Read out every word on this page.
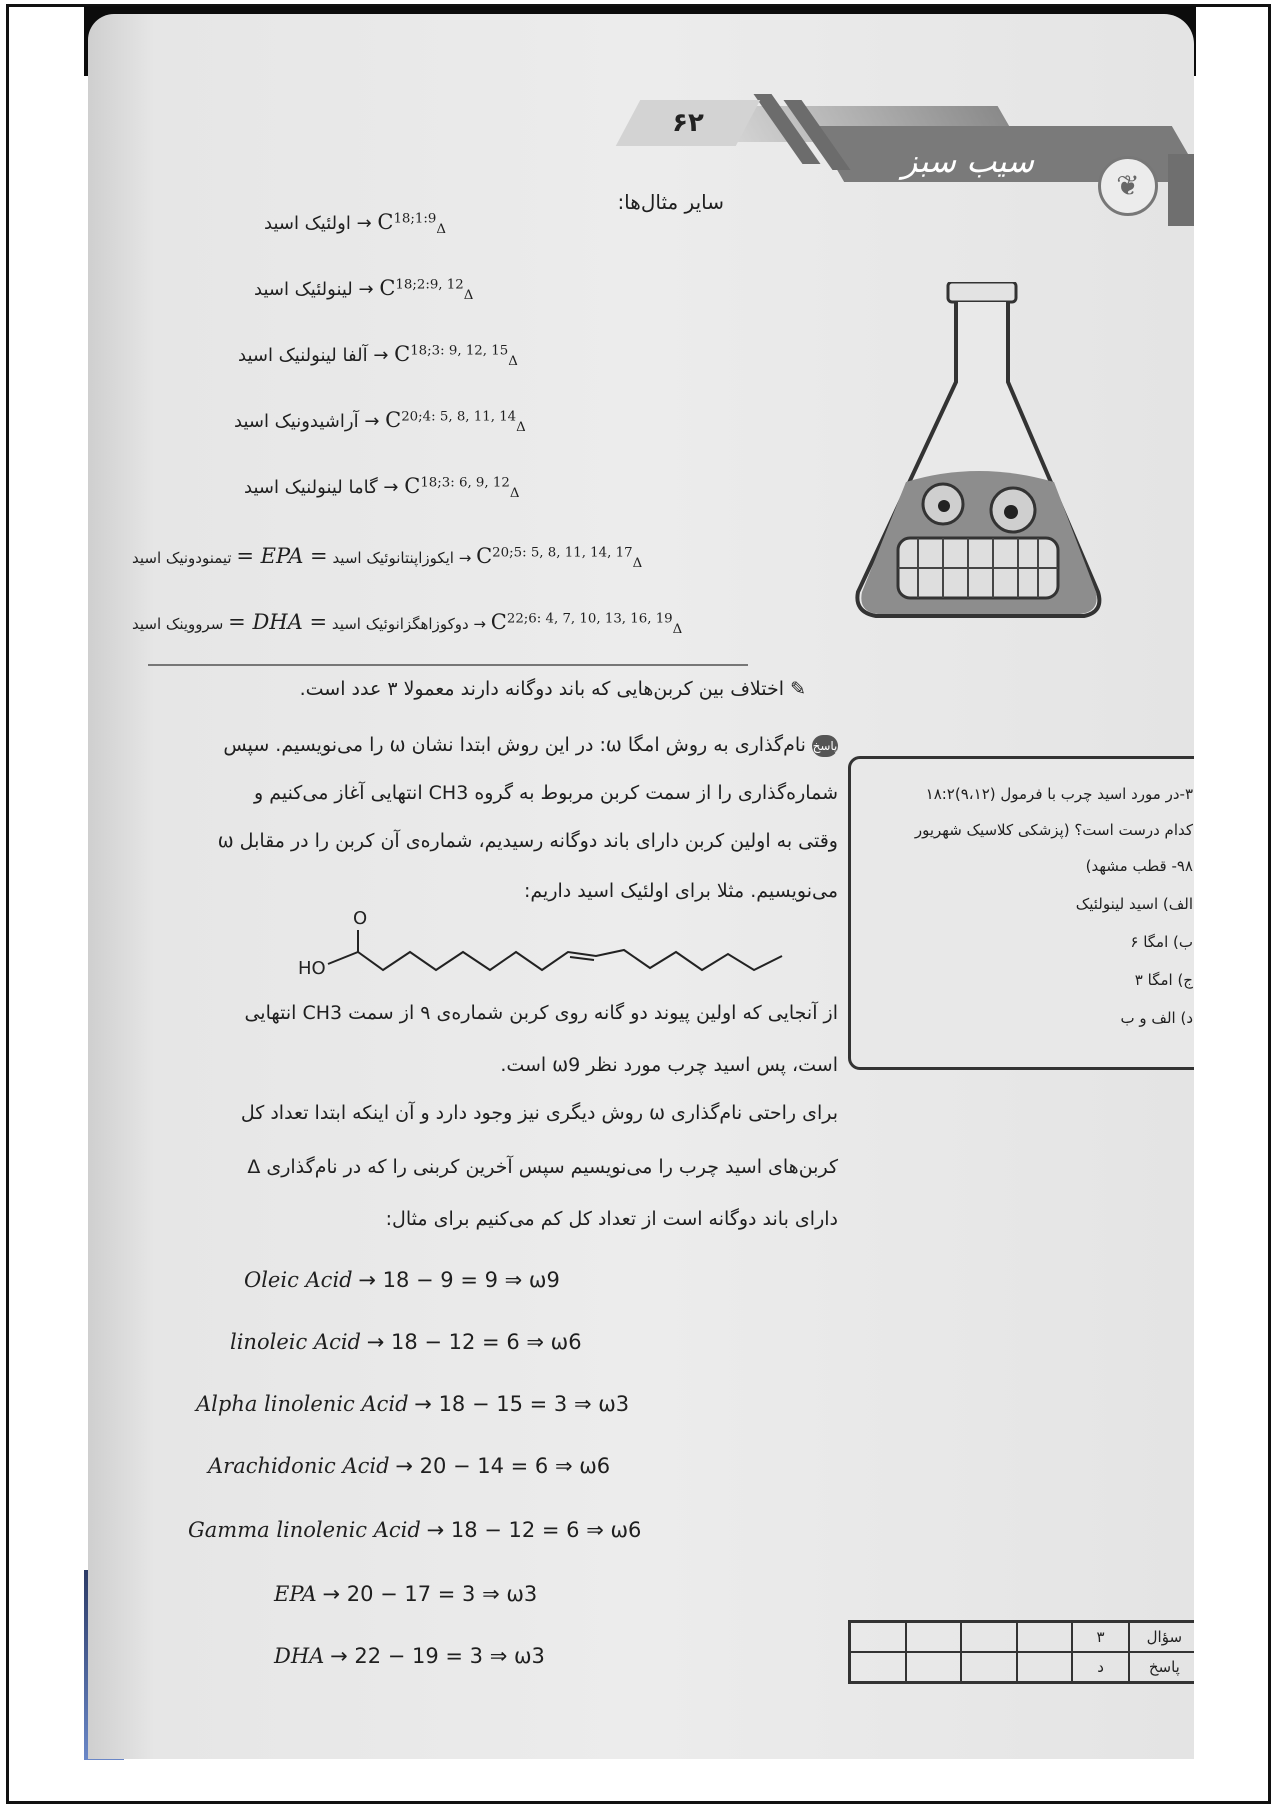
۶۲
سیب سبز
❦
سایر مثال‌ها:
اولئیک اسید → $C^{18;1:9}_\Delta$
لینولئیک اسید → $C^{18;2:9, 12}_\Delta$
آلفا لینولنیک اسید → $C^{18;3: 9, 12, 15}_\Delta$
آراشیدونیک اسید → $C^{20;4: 5, 8, 11, 14}_\Delta$
گاما لینولنیک اسید → $C^{18;3: 6, 9, 12}_\Delta$
تیمنودونیک اسید = EPA = ایکوزاپنتانوئیک اسید → $C^{20;5: 5, 8, 11, 14, 17}_\Delta$
سرووینک اسید = DHA = دوکوزاهگزانوئیک اسید → $C^{22;6: 4, 7, 10, 13, 16, 19}_\Delta$
✎ اختلاف بین کربن‌هایی که باند دوگانه دارند معمولا ۳ عدد است.
پاسخ نام‌گذاری به روش امگا ω: در این روش ابتدا نشان ω را می‌نویسیم. سپس
شماره‌گذاری را از سمت کربن مربوط به گروه CH3 انتهایی آغاز می‌کنیم و
وقتی به اولین کربن دارای باند دوگانه رسیدیم، شماره‌ی آن کربن را در مقابل ω
می‌نویسیم. مثلا برای اولئیک اسید داریم:
O
HO
از آنجایی که اولین پیوند دو گانه روی کربن شماره‌ی ۹ از سمت CH3 انتهایی
است، پس اسید چرب مورد نظر ω9 است.
برای راحتی نام‌گذاری ω روش دیگری نیز وجود دارد و آن اینکه ابتدا تعداد کل
کربن‌های اسید چرب را می‌نویسیم سپس آخرین کربنی را که در نام‌گذاری Δ
دارای باند دوگانه است از تعداد کل کم می‌کنیم برای مثال:
Oleic Acid → 18 − 9 = 9 ⇒ ω9
linoleic Acid → 18 − 12 = 6 ⇒ ω6
Alpha linolenic Acid → 18 − 15 = 3 ⇒ ω3
Arachidonic Acid → 20 − 14 = 6 ⇒ ω6
Gamma linolenic Acid → 18 − 12 = 6 ⇒ ω6
EPA → 20 − 17 = 3 ⇒ ω3
DHA → 22 − 19 = 3 ⇒ ω3
۳-در مورد اسید چرب با فرمول (۹،۱۲)۱۸:۲
کدام درست است؟ (پزشکی کلاسیک شهریور
۹۸- قطب مشهد)
الف) اسید لینولئیک
ب) امگا ۶
ج) امگا ۳
د) الف و ب
				۳	سؤال
				د	پاسخ
